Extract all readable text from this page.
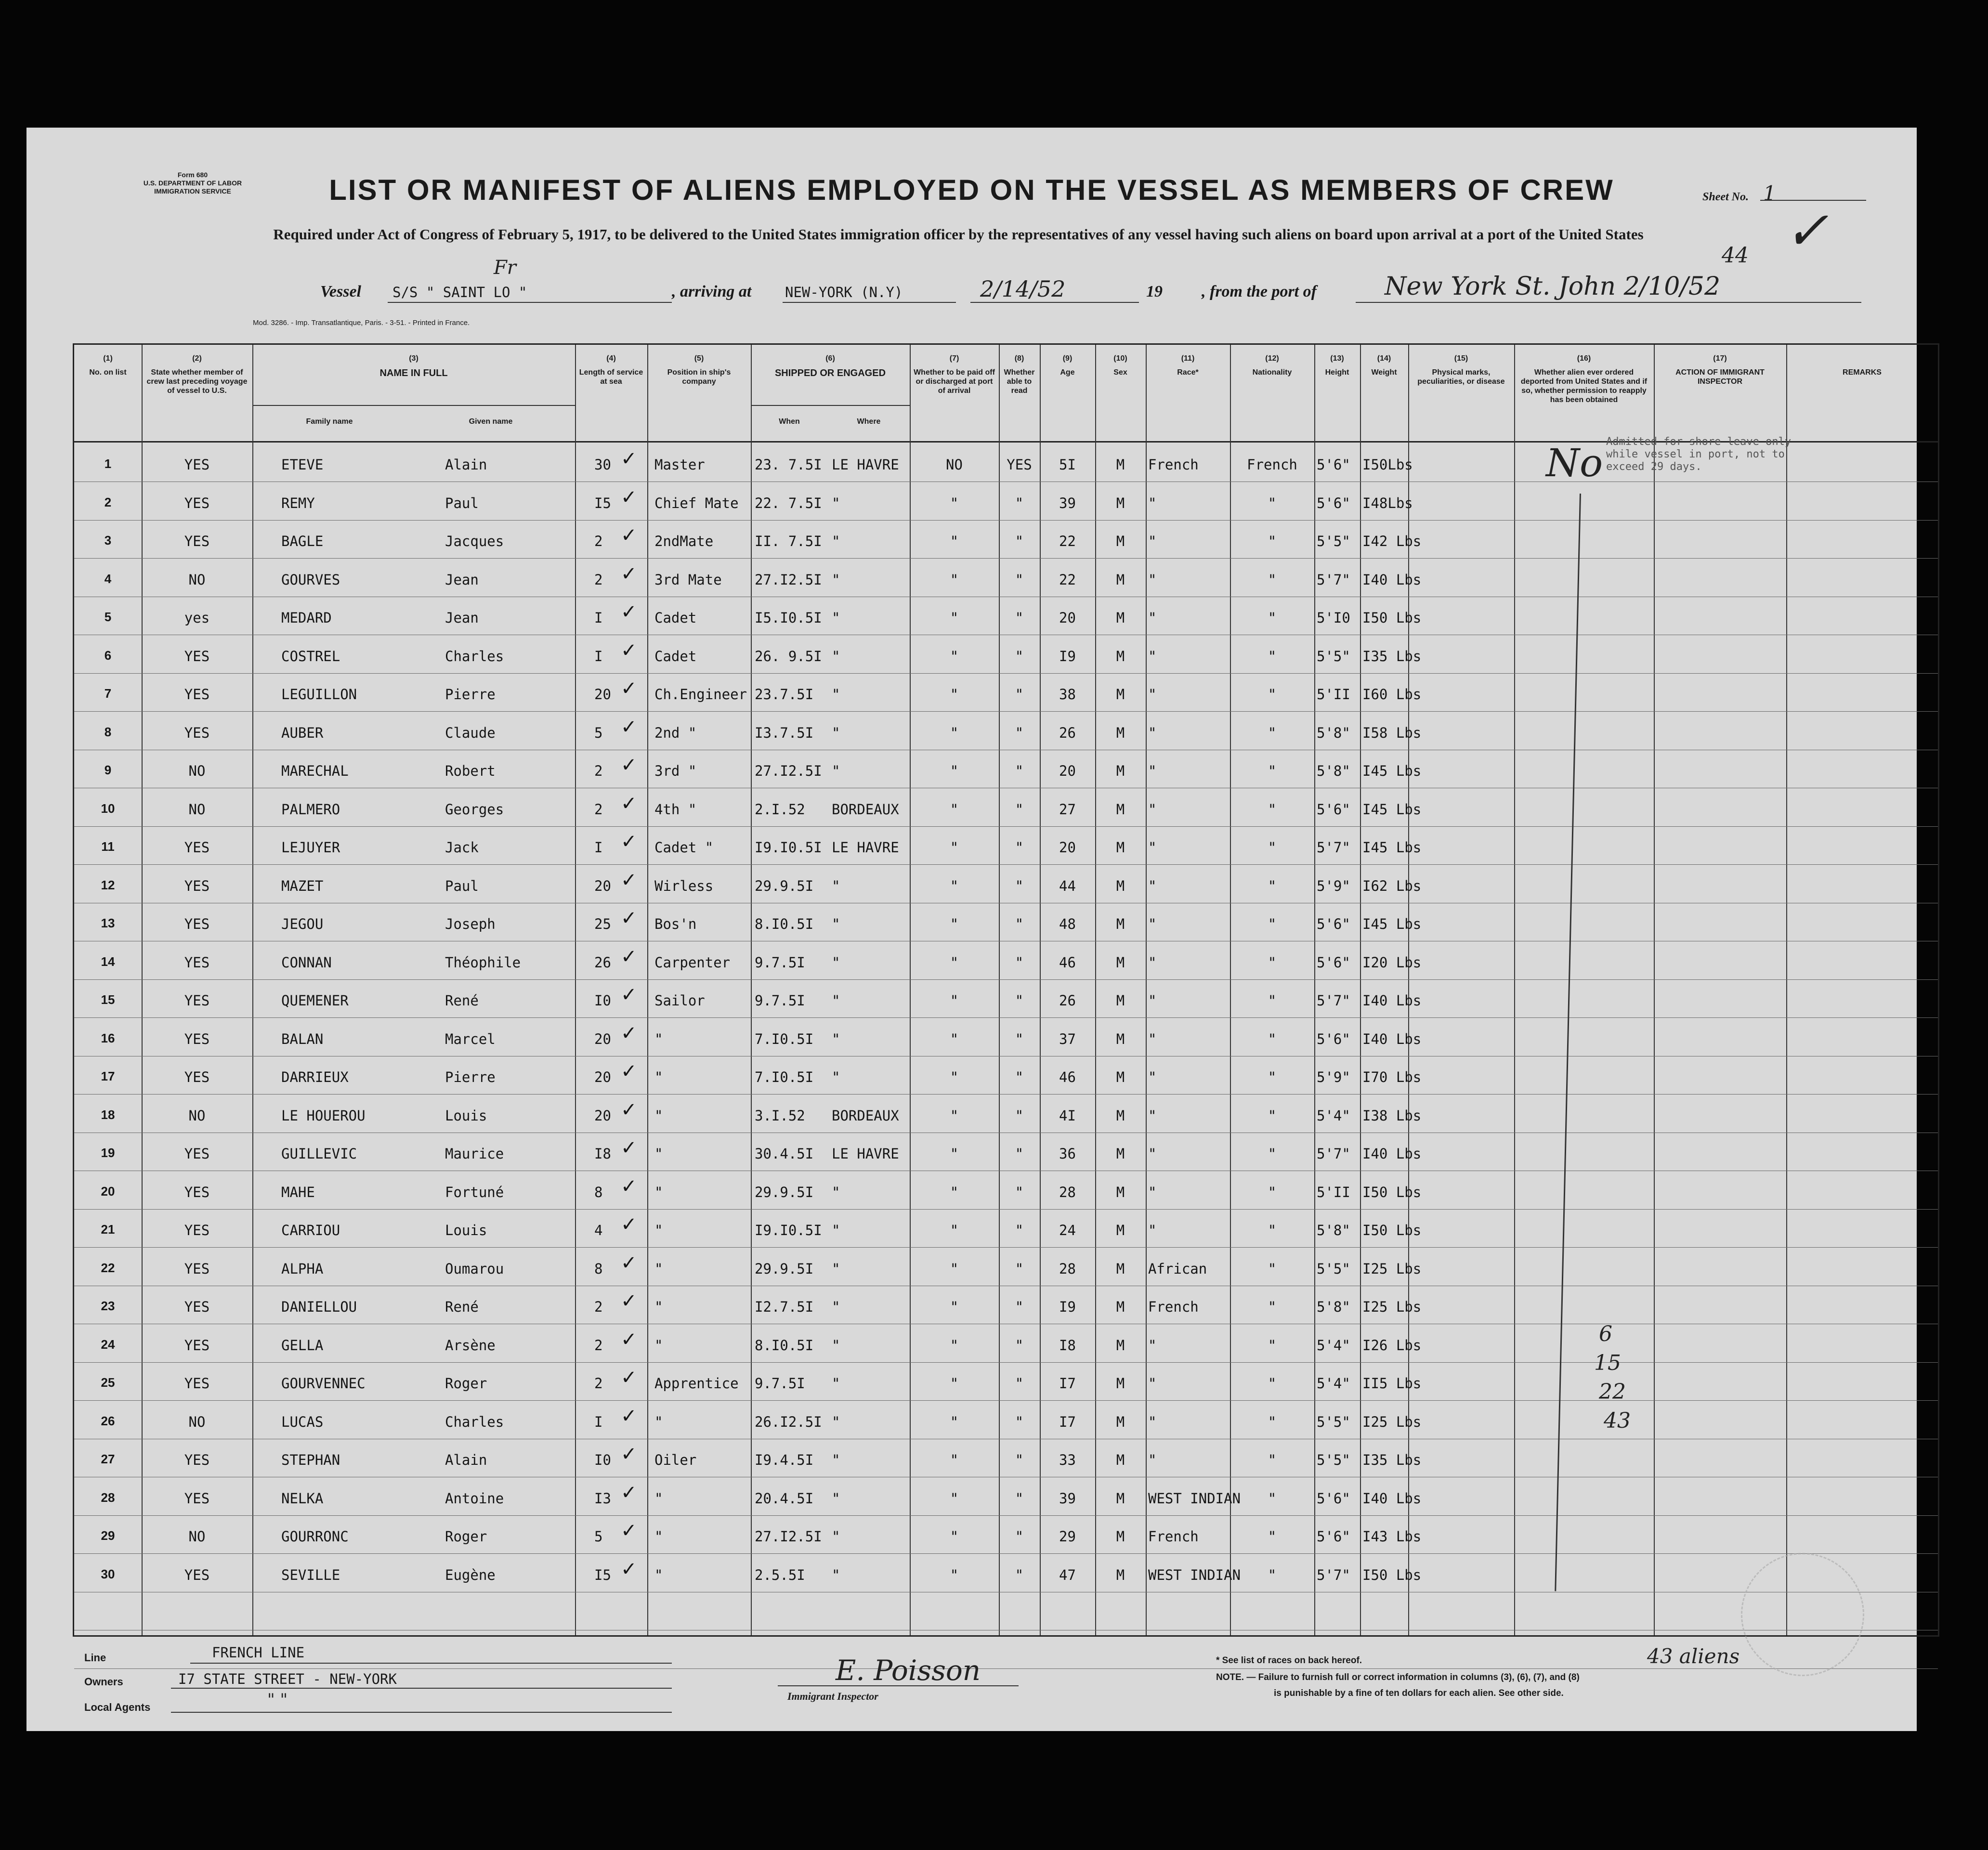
Form 680
U.S. DEPARTMENT OF LABOR
IMMIGRATION SERVICE	LIST OR MANIFEST OF ALIENS EMPLOYED ON THE VESSEL AS MEMBERS OF CREW	Sheet No. 1
44 ✓
Required under Act of Congress of February 5, 1917, to be delivered to the United States immigration officer by the representatives of any vessel having such aliens on board upon arrival at a port of the United States
Vessel S/S " SAINT LO "
Fr
, arriving at NEW-YORK (N.Y)	2/14/52	19 , from the port of	New York St. John 2/10/52
Mod. 3286. - Imp. Transatlantique, Paris. - 3-51. - Printed in France.
(1)
No. on list
(2)
State whether member of crew last preceding voyage of vessel to U.S.
(3)
NAME IN FULL
Family name	Given name
(4)
Length of service at sea
(5)
Position in ship's company
(6)
SHIPPED OR ENGAGED
When	Where
(7)
Whether to be paid off or discharged at port of arrival
(8)
Whether able to read
(9)
Age
(10)
Sex
(11)
Race*
(12)
Nationality
(13)
Height
(14)
Weight
(15)
Physical marks, peculiarities, or disease
(16)
Whether alien ever ordered deported from United States and if so, whether permission to reapply has been obtained
(17)
ACTION OF IMMIGRANT INSPECTOR
REMARKS
1	YES	ETEVE	Alain	30	Master	23. 7.5I LE HAVRE	NO	YES	5I	M	French	French	5'6" I50Lbs
✓
2	YES	REMY	Paul	I5	Chief Mate 22. 7.5I "	"	"	39	M	"	"	5'6" I48Lbs
✓
3	YES	BAGLE	Jacques	2	2ndMate	II. 7.5I "	"	"	22	M	"	"	5'5" I42 Lbs
✓
4	NO	GOURVES	Jean	2	3rd Mate 27.I2.5I "	"	"	22	M	"	"	5'7" I40 Lbs
✓
5	yes	MEDARD	Jean	I	Cadet	I5.I0.5I "	"	"	20	M	"	"	5'I0 I50 Lbs
✓
6	YES	COSTREL	Charles	I	Cadet	26. 9.5I "	"	"	I9	M	"	"	5'5" I35 Lbs
✓
7	YES	LEGUILLON	Pierre	20	Ch.Engineer 23.7.5I "	"	"	38	M	"	"	5'II I60 Lbs
✓
8	YES	AUBER	Claude	5	2nd "	I3.7.5I "	"	"	26	M	"	"	5'8" I58 Lbs
✓
9	NO	MARECHAL	Robert	2	3rd "	27.I2.5I "	"	"	20	M	"	"	5'8" I45 Lbs
✓
10	NO	PALMERO	Georges	2	4th "	2.I.52 BORDEAUX	"	"	27	M	"	"	5'6" I45 Lbs
✓
11	YES	LEJUYER	Jack	I	Cadet "	I9.I0.5I LE HAVRE	"	"	20	M	"	"	5'7" I45 Lbs
✓
12	YES	MAZET	Paul	20	Wirless	29.9.5I "	"	"	44	M	"	"	5'9" I62 Lbs
✓
13	YES	JEGOU	Joseph	25	Bos'n	8.I0.5I "	"	"	48	M	"	"	5'6" I45 Lbs
✓
14	YES	CONNAN	Théophile	26	Carpenter 9.7.5I "	"	"	46	M	"	"	5'6" I20 Lbs
✓
15	YES	QUEMENER	René	I0	Sailor	9.7.5I "	"	"	26	M	"	"	5'7" I40 Lbs
✓
16	YES	BALAN	Marcel	20	"	7.I0.5I "	"	"	37	M	"	"	5'6" I40 Lbs
✓
17	YES	DARRIEUX	Pierre	20	"	7.I0.5I "	"	"	46	M	"	"	5'9" I70 Lbs
✓
18	NO	LE HOUEROU	Louis	20	"	3.I.52 BORDEAUX	"	"	4I	M	"	"	5'4" I38 Lbs
✓
19	YES	GUILLEVIC	Maurice	I8	"	30.4.5I LE HAVRE	"	"	36	M	"	"	5'7" I40 Lbs
✓
20	YES	MAHE	Fortuné	8	"	29.9.5I "	"	"	28	M	"	"	5'II I50 Lbs
✓
21	YES	CARRIOU	Louis	4	"	I9.I0.5I "	"	"	24	M	"	"	5'8" I50 Lbs
✓
22	YES	ALPHA	Oumarou	8	"	29.9.5I "	"	"	28	M	African	"	5'5" I25 Lbs
✓
23	YES	DANIELLOU	René	2	"	I2.7.5I "	"	"	I9	M	French	"	5'8" I25 Lbs
✓
24	YES	GELLA	Arsène	2	"	8.I0.5I "	"	"	I8	M	"	"	5'4" I26 Lbs
✓
25	YES	GOURVENNEC	Roger	2	Apprentice 9.7.5I "	"	"	I7	M	"	"	5'4" II5 Lbs
✓
26	NO	LUCAS	Charles	I	"	26.I2.5I "	"	"	I7	M	"	"	5'5" I25 Lbs
✓
27	YES	STEPHAN	Alain	I0	Oiler	I9.4.5I "	"	"	33	M	"	"	5'5" I35 Lbs
✓
28	YES	NELKA	Antoine	I3	"	20.4.5I "	"	"	39	M	WEST INDIAN	"	5'6" I40 Lbs
✓
29	NO	GOURRONC	Roger	5	"	27.I2.5I "	"	"	29	M	French	"	5'6" I43 Lbs
✓
30	YES	SEVILLE	Eugène	I5	"	2.5.5I "	"	"	47	M	WEST INDIAN	"	5'7" I50 Lbs
✓
Admitted for shore leave only while vessel in port, not to exceed 29 days.
No
6
15
22
43
43 aliens
Line	FRENCH LINE
Owners	I7 STATE STREET - NEW-YORK
Local Agents	" "
E. Poisson
Immigrant Inspector
* See list of races on back hereof.
NOTE. — Failure to furnish full or correct information in columns (3), (6), (7), and (8)
is punishable by a fine of ten dollars for each alien. See other side.
